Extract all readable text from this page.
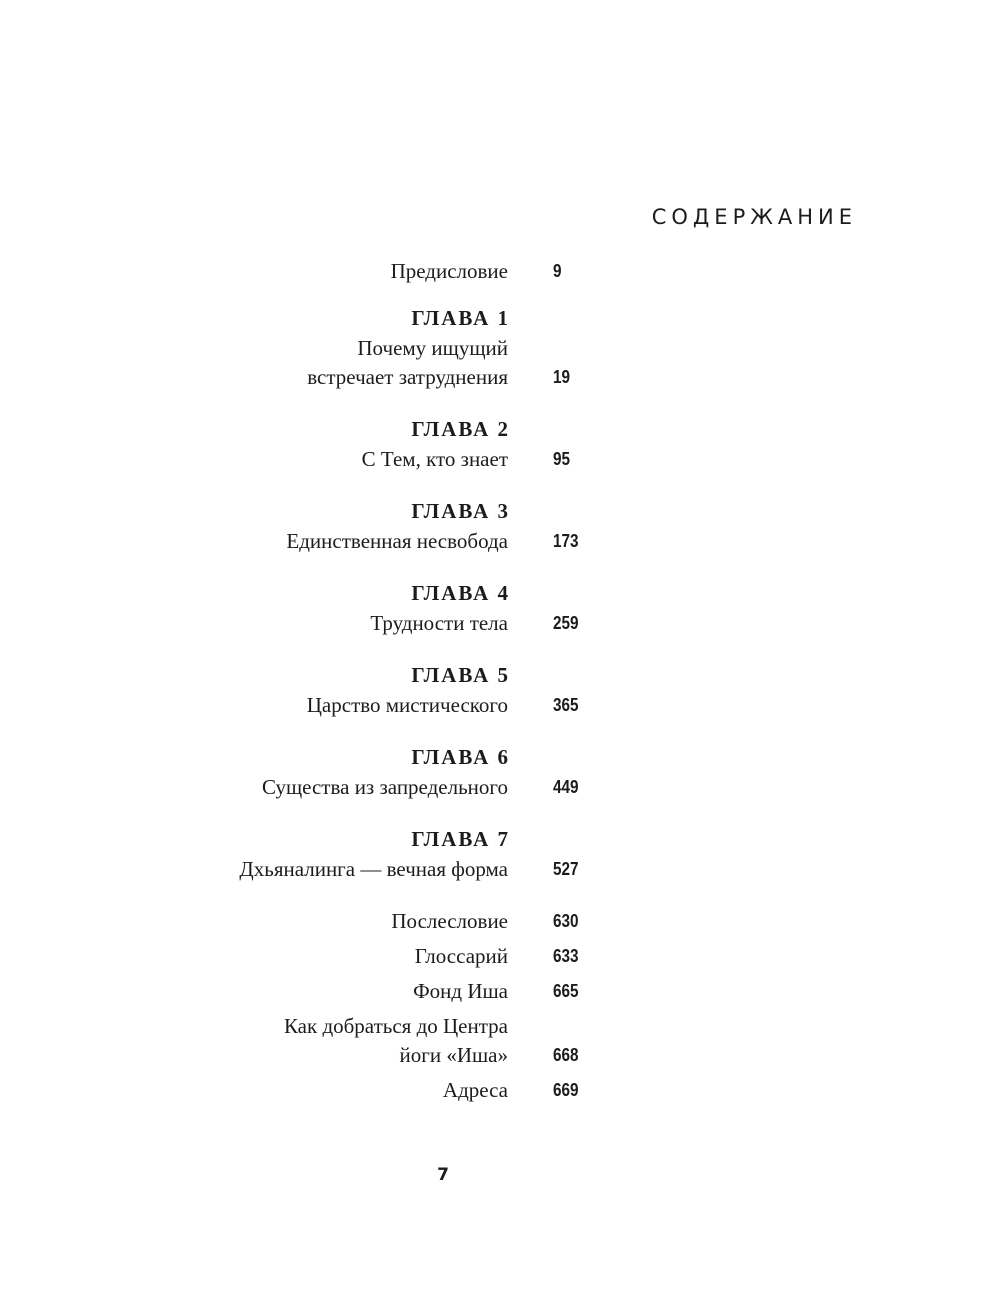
СОДЕРЖАНИЕ
Предисловие	9
ГЛАВА 1
Почему ищущий
встречает затруднения	19
ГЛАВА 2
С Тем, кто знает	95
ГЛАВА 3
Единственная несвобода	173
ГЛАВА 4
Трудности тела	259
ГЛАВА 5
Царство мистического	365
ГЛАВА 6
Существа из запредельного	449
ГЛАВА 7
Дхьяналинга — вечная форма	527
Послесловие	630
Глоссарий	633
Фонд Иша	665
Как добраться до Центра
йоги «Иша»	668
Адреса	669
7
